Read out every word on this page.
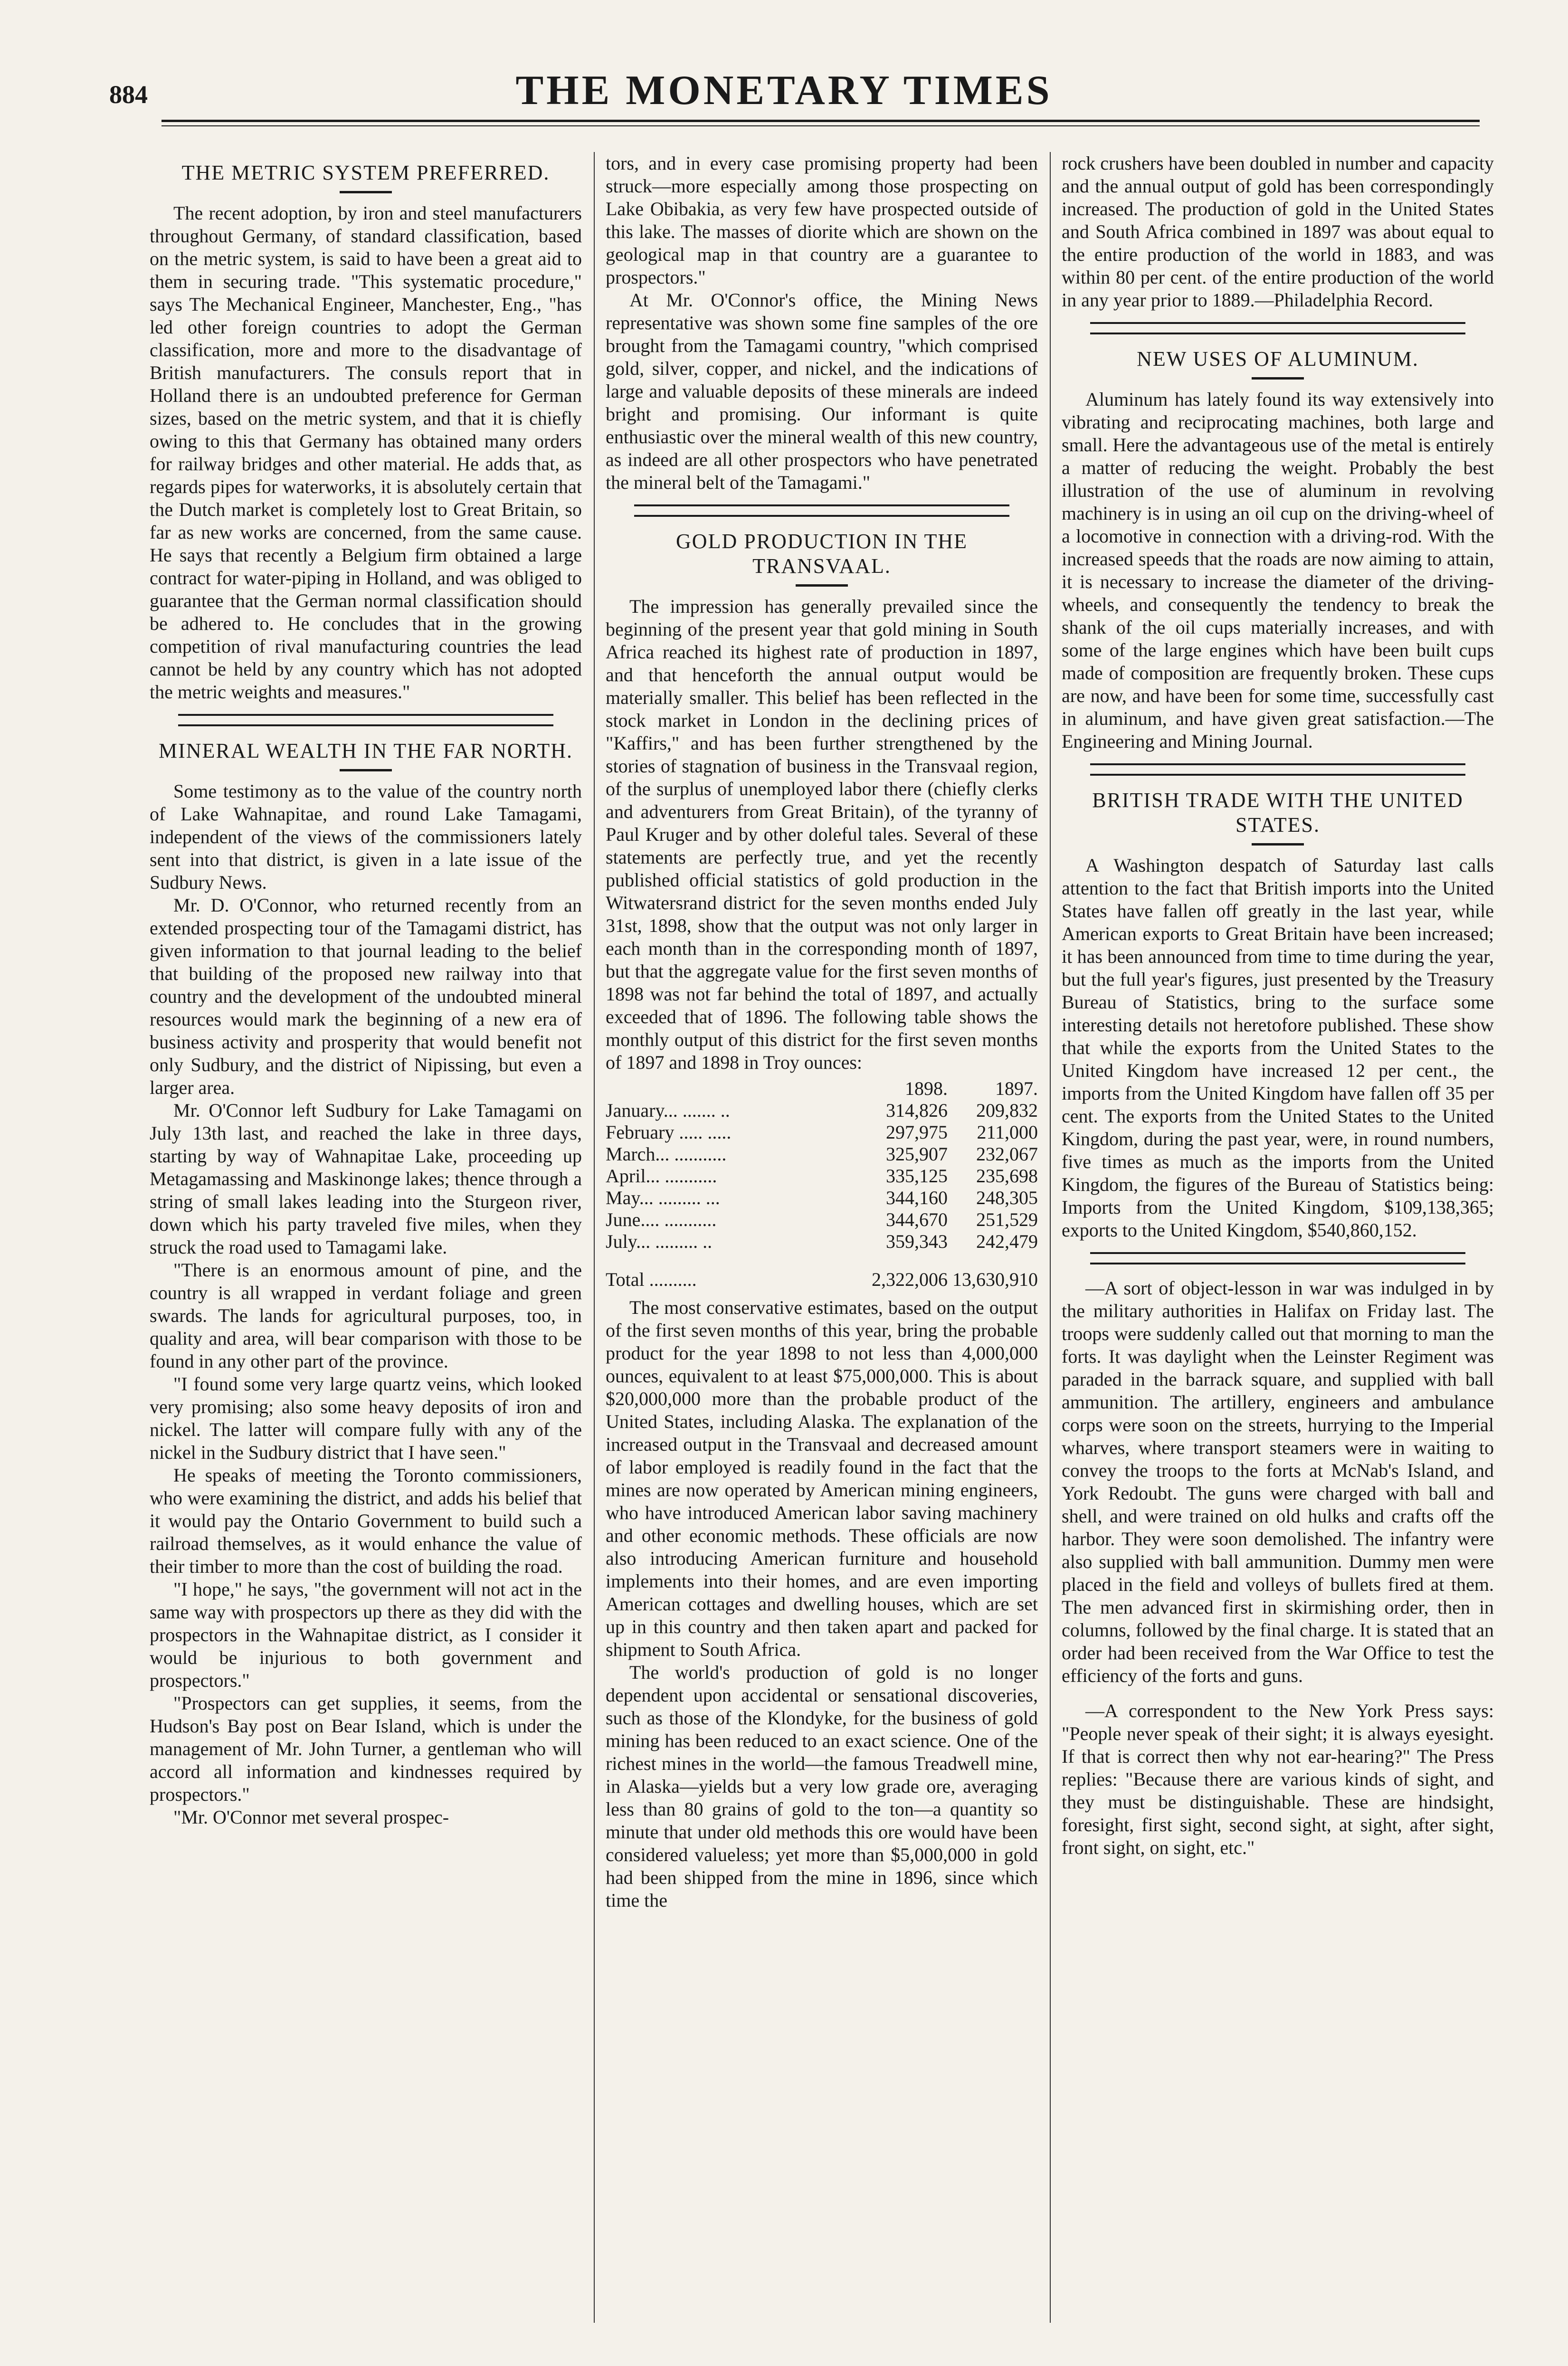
884	THE MONETARY TIMES
THE METRIC SYSTEM PREFERRED.

The recent adoption, by iron and steel manufacturers throughout Germany, of standard classification, based on the metric system, is said to have been a great aid to them in securing trade. "This systematic procedure," says The Mechanical Engineer, Manchester, Eng., "has led other foreign countries to adopt the German classification, more and more to the disadvantage of British manufacturers. The consuls report that in Holland there is an undoubted preference for German sizes, based on the metric system, and that it is chiefly owing to this that Germany has obtained many orders for railway bridges and other material. He adds that, as regards pipes for waterworks, it is absolutely certain that the Dutch market is completely lost to Great Britain, so far as new works are concerned, from the same cause. He says that recently a Belgium firm obtained a large contract for water-piping in Holland, and was obliged to guarantee that the German normal classification should be adhered to. He concludes that in the growing competition of rival manufacturing countries the lead cannot be held by any country which has not adopted the metric weights and measures."

MINERAL WEALTH IN THE FAR NORTH.

Some testimony as to the value of the country north of Lake Wahnapitae, and round Lake Tamagami, independent of the views of the commissioners lately sent into that district, is given in a late issue of the Sudbury News.

Mr. D. O'Connor, who returned recently from an extended prospecting tour of the Tamagami district, has given information to that journal leading to the belief that building of the proposed new railway into that country and the development of the undoubted mineral resources would mark the beginning of a new era of business activity and prosperity that would benefit not only Sudbury, and the district of Nipissing, but even a larger area.

Mr. O'Connor left Sudbury for Lake Tamagami on July 13th last, and reached the lake in three days, starting by way of Wahnapitae Lake, proceeding up Metagamassing and Maskinonge lakes; thence through a string of small lakes leading into the Sturgeon river, down which his party traveled five miles, when they struck the road used to Tamagami lake.

"There is an enormous amount of pine, and the country is all wrapped in verdant foliage and green swards. The lands for agricultural purposes, too, in quality and area, will bear comparison with those to be found in any other part of the province.

"I found some very large quartz veins, which looked very promising; also some heavy deposits of iron and nickel. The latter will compare fully with any of the nickel in the Sudbury district that I have seen."

He speaks of meeting the Toronto commissioners, who were examining the district, and adds his belief that it would pay the Ontario Government to build such a railroad themselves, as it would enhance the value of their timber to more than the cost of building the road.

"I hope," he says, "the government will not act in the same way with prospectors up there as they did with the prospectors in the Wahnapitae district, as I consider it would be injurious to both government and prospectors."

"Prospectors can get supplies, it seems, from the Hudson's Bay post on Bear Island, which is under the management of Mr. John Turner, a gentleman who will accord all information and kindnesses required by prospectors."

"Mr. O'Connor met several prospec-

tors, and in every case promising property had been struck—more especially among those prospecting on Lake Obibakia, as very few have prospected outside of this lake. The masses of diorite which are shown on the geological map in that country are a guarantee to prospectors."

At Mr. O'Connor's office, the Mining News representative was shown some fine samples of the ore brought from the Tamagami country, "which comprised gold, silver, copper, and nickel, and the indications of large and valuable deposits of these minerals are indeed bright and promising. Our informant is quite enthusiastic over the mineral wealth of this new country, as indeed are all other prospectors who have penetrated the mineral belt of the Tamagami."

GOLD PRODUCTION IN THE TRANSVAAL.

The impression has generally prevailed since the beginning of the present year that gold mining in South Africa reached its highest rate of production in 1897, and that henceforth the annual output would be materially smaller. This belief has been reflected in the stock market in London in the declining prices of "Kaffirs," and has been further strengthened by the stories of stagnation of business in the Transvaal region, of the surplus of unemployed labor there (chiefly clerks and adventurers from Great Britain), of the tyranny of Paul Kruger and by other doleful tales. Several of these statements are perfectly true, and yet the recently published official statistics of gold production in the Witwatersrand district for the seven months ended July 31st, 1898, show that the output was not only larger in each month than in the corresponding month of 1897, but that the aggregate value for the first seven months of 1898 was not far behind the total of 1897, and actually exceeded that of 1896. The following table shows the monthly output of this district for the first seven months of 1897 and 1898 in Troy ounces:

	1898.	1897.
January... ....... ..	314,826	209,832
February ..... .....	297,975	211,000
March... ...........	325,907	232,067
April... ...........	335,125	235,698
May... ......... ...	344,160	248,305
June.... ...........	344,670	251,529
July... ......... ..	359,343	242,479
Total ..........	2,322,006	13,630,910

The most conservative estimates, based on the output of the first seven months of this year, bring the probable product for the year 1898 to not less than 4,000,000 ounces, equivalent to at least $75,000,000. This is about $20,000,000 more than the probable product of the United States, including Alaska. The explanation of the increased output in the Transvaal and decreased amount of labor employed is readily found in the fact that the mines are now operated by American mining engineers, who have introduced American labor saving machinery and other economic methods. These officials are now also introducing American furniture and household implements into their homes, and are even importing American cottages and dwelling houses, which are set up in this country and then taken apart and packed for shipment to South Africa.

The world's production of gold is no longer dependent upon accidental or sensational discoveries, such as those of the Klondyke, for the business of gold mining has been reduced to an exact science. One of the richest mines in the world—the famous Treadwell mine, in Alaska—yields but a very low grade ore, averaging less than 80 grains of gold to the ton—a quantity so minute that under old methods this ore would have been considered valueless; yet more than $5,000,000 in gold had been shipped from the mine in 1896, since which time the

rock crushers have been doubled in number and capacity and the annual output of gold has been correspondingly increased. The production of gold in the United States and South Africa combined in 1897 was about equal to the entire production of the world in 1883, and was within 80 per cent. of the entire production of the world in any year prior to 1889.—Philadelphia Record.

NEW USES OF ALUMINUM.

Aluminum has lately found its way extensively into vibrating and reciprocating machines, both large and small. Here the advantageous use of the metal is entirely a matter of reducing the weight. Probably the best illustration of the use of aluminum in revolving machinery is in using an oil cup on the driving-wheel of a locomotive in connection with a driving-rod. With the increased speeds that the roads are now aiming to attain, it is necessary to increase the diameter of the driving-wheels, and consequently the tendency to break the shank of the oil cups materially increases, and with some of the large engines which have been built cups made of composition are frequently broken. These cups are now, and have been for some time, successfully cast in aluminum, and have given great satisfaction.—The Engineering and Mining Journal.

BRITISH TRADE WITH THE UNITED STATES.

A Washington despatch of Saturday last calls attention to the fact that British imports into the United States have fallen off greatly in the last year, while American exports to Great Britain have been increased; it has been announced from time to time during the year, but the full year's figures, just presented by the Treasury Bureau of Statistics, bring to the surface some interesting details not heretofore published. These show that while the exports from the United States to the United Kingdom have increased 12 per cent., the imports from the United Kingdom have fallen off 35 per cent. The exports from the United States to the United Kingdom, during the past year, were, in round numbers, five times as much as the imports from the United Kingdom, the figures of the Bureau of Statistics being: Imports from the United Kingdom, $109,138,365; exports to the United Kingdom, $540,860,152.

—A sort of object-lesson in war was indulged in by the military authorities in Halifax on Friday last. The troops were suddenly called out that morning to man the forts. It was daylight when the Leinster Regiment was paraded in the barrack square, and supplied with ball ammunition. The artillery, engineers and ambulance corps were soon on the streets, hurrying to the Imperial wharves, where transport steamers were in waiting to convey the troops to the forts at McNab's Island, and York Redoubt. The guns were charged with ball and shell, and were trained on old hulks and crafts off the harbor. They were soon demolished. The infantry were also supplied with ball ammunition. Dummy men were placed in the field and volleys of bullets fired at them. The men advanced first in skirmishing order, then in columns, followed by the final charge. It is stated that an order had been received from the War Office to test the efficiency of the forts and guns.

—A correspondent to the New York Press says: "People never speak of their sight; it is always eyesight. If that is correct then why not ear-hearing?" The Press replies: "Because there are various kinds of sight, and they must be distinguishable. These are hindsight, foresight, first sight, second sight, at sight, after sight, front sight, on sight, etc."
